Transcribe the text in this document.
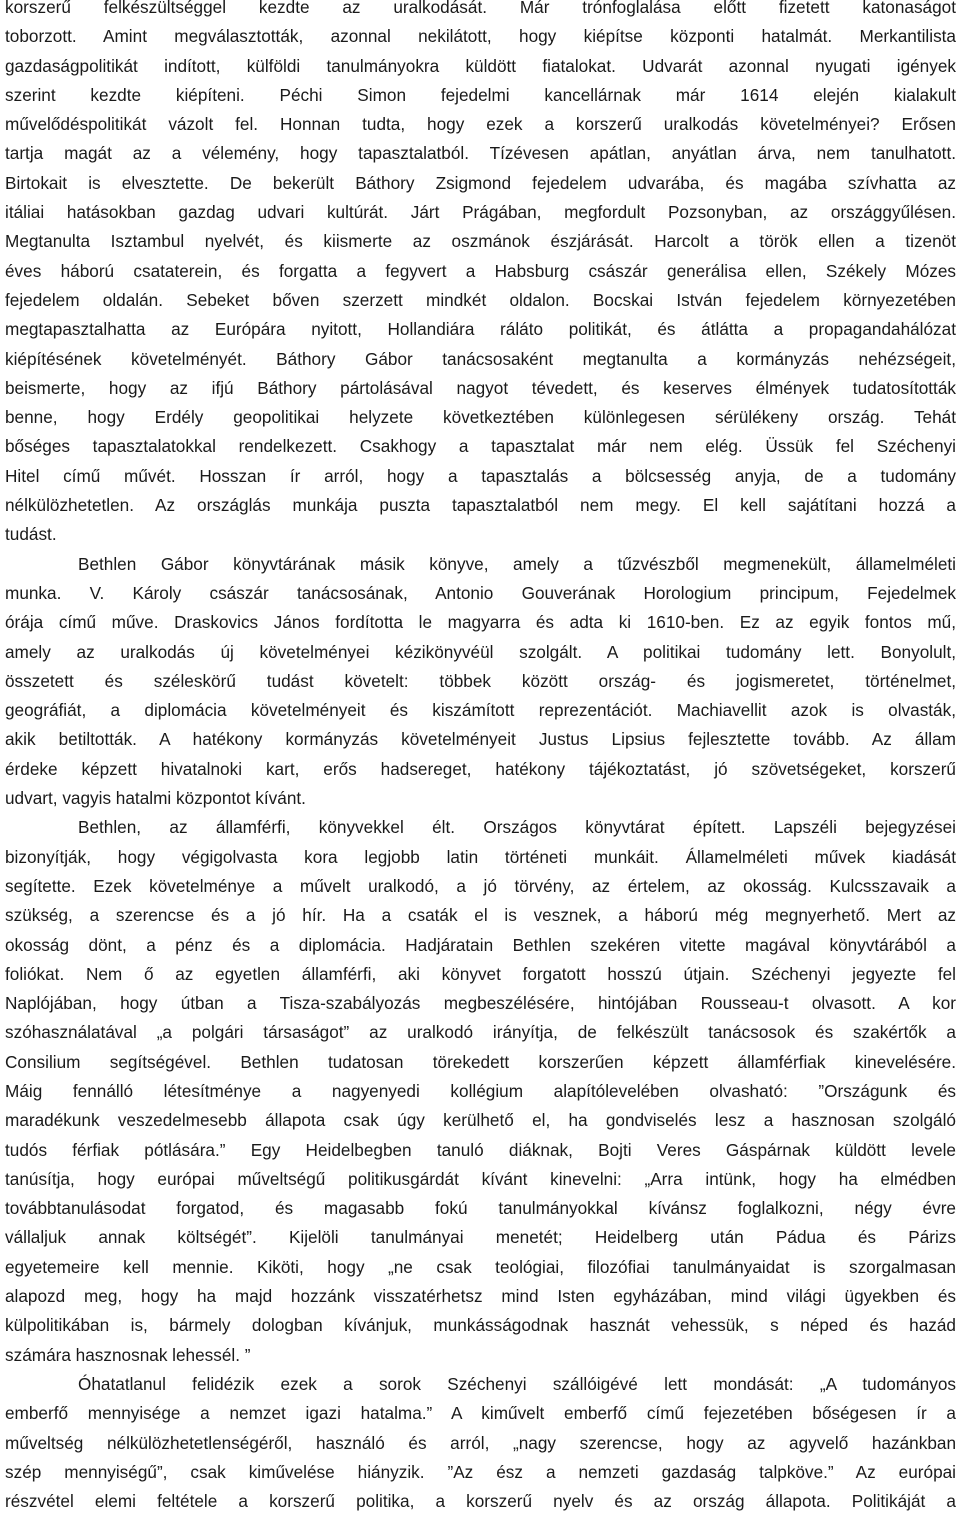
korszerű felkészültséggel kezdte az uralkodását. Már trónfoglalása előtt fizetett katonaságot
toborzott. Amint megválasztották, azonnal nekilátott, hogy kiépítse központi hatalmát. Merkantilista
gazdaságpolitikát indított, külföldi tanulmányokra küldött fiatalokat. Udvarát azonnal nyugati igények
szerint kezdte kiépíteni. Péchi Simon fejedelmi kancellárnak már 1614 elején kialakult
művelődéspolitikát vázolt fel. Honnan tudta, hogy ezek a korszerű uralkodás követelményei? Erősen
tartja magát az a vélemény, hogy tapasztalatból. Tízévesen apátlan, anyátlan árva, nem tanulhatott.
Birtokait is elvesztette. De bekerült Báthory Zsigmond fejedelem udvarába, és magába szívhatta az
itáliai hatásokban gazdag udvari kultúrát. Járt Prágában, megfordult Pozsonyban, az országgyűlésen.
Megtanulta Isztambul nyelvét, és kiismerte az oszmánok észjárását. Harcolt a török ellen a tizenöt
éves háború csataterein, és forgatta a fegyvert a Habsburg császár generálisa ellen, Székely Mózes
fejedelem oldalán. Sebeket bőven szerzett mindkét oldalon. Bocskai István fejedelem környezetében
megtapasztalhatta az Európára nyitott, Hollandiára ráláto politikát, és átlátta a propagandahálózat
kiépítésének követelményét. Báthory Gábor tanácsosaként megtanulta a kormányzás nehézségeit,
beismerte, hogy az ifjú Báthory pártolásával nagyot tévedett, és keserves élmények tudatosították
benne, hogy Erdély geopolitikai helyzete következtében különlegesen sérülékeny ország. Tehát
bőséges tapasztalatokkal rendelkezett. Csakhogy a tapasztalat már nem elég. Üssük fel Széchenyi
Hitel című művét. Hosszan ír arról, hogy a tapasztalás a bölcsesség anyja, de a tudomány
nélkülözhetetlen. Az országlás munkája puszta tapasztalatból nem megy. El kell sajátítani hozzá a
tudást.
Bethlen Gábor könyvtárának másik könyve, amely a tűzvészből megmenekült, államelméleti
munka. V. Károly császár tanácsosának, Antonio Gouverának Horologium principum, Fejedelmek
órája című műve. Draskovics János fordította le magyarra és adta ki 1610-ben. Ez az egyik fontos mű,
amely az uralkodás új követelményei kézikönyvéül szolgált. A politikai tudomány lett. Bonyolult,
összetett és széleskörű tudást követelt: többek között ország- és jogismeretet, történelmet,
geográfiát, a diplomácia követelményeit és kiszámított reprezentációt. Machiavellit azok is olvasták,
akik betiltották. A hatékony kormányzás követelményeit Justus Lipsius fejlesztette tovább. Az állam
érdeke képzett hivatalnoki kart, erős hadsereget, hatékony tájékoztatást, jó szövetségeket, korszerű
udvart, vagyis hatalmi központot kívánt.
Bethlen, az államférfi, könyvekkel élt. Országos könyvtárat épített. Lapszéli bejegyzései
bizonyítják, hogy végigolvasta kora legjobb latin történeti munkáit. Államelméleti művek kiadását
segítette. Ezek követelménye a művelt uralkodó, a jó törvény, az értelem, az okosság. Kulcsszavaik a
szükség, a szerencse és a jó hír. Ha a csaták el is vesznek, a háború még megnyerhető. Mert az
okosság dönt, a pénz és a diplomácia. Hadjáratain Bethlen szekéren vitette magával könyvtárából a
foliókat. Nem ő az egyetlen államférfi, aki könyvet forgatott hosszú útjain. Széchenyi jegyezte fel
Naplójában, hogy útban a Tisza-szabályozás megbeszélésére, hintójában Rousseau-t olvasott. A kor
szóhasználatával „a polgári társaságot” az uralkodó irányítja, de felkészült tanácsosok és szakértők a
Consilium segítségével. Bethlen tudatosan törekedett korszerűen képzett államférfiak kinevelésére.
Máig fennálló létesítménye a nagyenyedi kollégium alapítólevelében olvasható: ”Országunk és
maradékunk veszedelmesebb állapota csak úgy kerülhető el, ha gondviselés lesz a hasznosan szolgáló
tudós férfiak pótlására.” Egy Heidelbegben tanuló diáknak, Bojti Veres Gáspárnak küldött levele
tanúsítja, hogy európai műveltségű politikusgárdát kívánt kinevelni: „Arra intünk, hogy ha elmédben
továbbtanulásodat forgatod, és magasabb fokú tanulmányokkal kívánsz foglalkozni, négy évre
vállaljuk annak költségét”. Kijelöli tanulmányai menetét; Heidelberg után Pádua és Párizs
egyetemeire kell mennie. Kiköti, hogy „ne csak teológiai, filozófiai tanulmányaidat is szorgalmasan
alapozd meg, hogy ha majd hozzánk visszatérhetsz mind Isten egyházában, mind világi ügyekben és
külpolitikában is, bármely dologban kívánjuk, munkásságodnak hasznát vehessük, s néped és hazád
számára hasznosnak lehessél. ”
Óhatatlanul felidézik ezek a sorok Széchenyi szállóigévé lett mondását: „A tudományos
emberfő mennyisége a nemzet igazi hatalma.” A kiművelt emberfő című fejezetében bőségesen ír a
műveltség nélkülözhetetlenségéről, használó és arról, „nagy szerencse, hogy az agyvelő hazánkban
szép mennyiségű”, csak kiművelése hiányzik. ”Az ész a nemzeti gazdaság talpköve.” Az európai
részvétel elemi feltétele a korszerű politika, a korszerű nyelv és az ország állapota. Politikáját a
